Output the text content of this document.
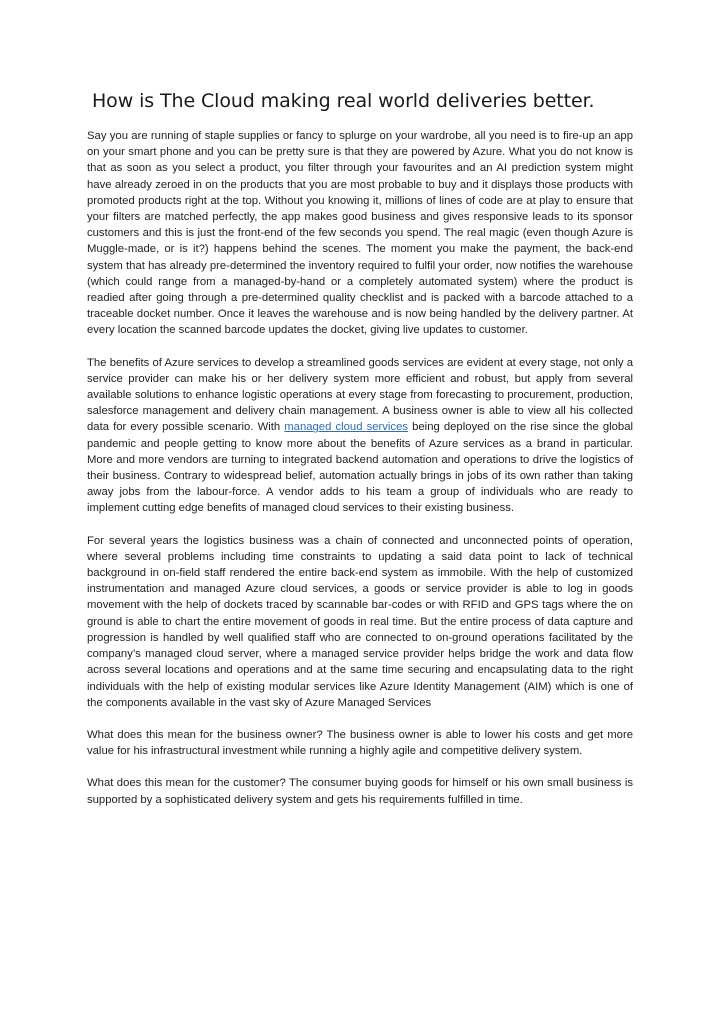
How is The Cloud making real world deliveries better.

Say you are running of staple supplies or fancy to splurge on your wardrobe, all you need is to fire-up an app on your smart phone and you can be pretty sure is that they are powered by Azure. What you do not know is that as soon as you select a product, you filter through your favourites and an AI prediction system might have already zeroed in on the products that you are most probable to buy and it displays those products with promoted products right at the top. Without you knowing it, millions of lines of code are at play to ensure that your filters are matched perfectly, the app makes good business and gives responsive leads to its sponsor customers and this is just the front-end of the few seconds you spend. The real magic (even though Azure is Muggle-made, or is it?) happens behind the scenes. The moment you make the payment, the back-end system that has already pre-determined the inventory required to fulfil your order, now notifies the warehouse (which could range from a managed-by-hand or a completely automated system) where the product is readied after going through a pre-determined quality checklist and is packed with a barcode attached to a traceable docket number. Once it leaves the warehouse and is now being handled by the delivery partner. At every location the scanned barcode updates the docket, giving live updates to customer.

The benefits of Azure services to develop a streamlined goods services are evident at every stage, not only a service provider can make his or her delivery system more efficient and robust, but apply from several available solutions to enhance logistic operations at every stage from forecasting to procurement, production, salesforce management and delivery chain management. A business owner is able to view all his collected data for every possible scenario. With managed cloud services being deployed on the rise since the global pandemic and people getting to know more about the benefits of Azure services as a brand in particular. More and more vendors are turning to integrated backend automation and operations to drive the logistics of their business. Contrary to widespread belief, automation actually brings in jobs of its own rather than taking away jobs from the labour-force. A vendor adds to his team a group of individuals who are ready to implement cutting edge benefits of managed cloud services to their existing business.

For several years the logistics business was a chain of connected and unconnected points of operation, where several problems including time constraints to updating a said data point to lack of technical background in on-field staff rendered the entire back-end system as immobile. With the help of customized instrumentation and managed Azure cloud services, a goods or service provider is able to log in goods movement with the help of dockets traced by scannable bar-codes or with RFID and GPS tags where the on ground is able to chart the entire movement of goods in real time. But the entire process of data capture and progression is handled by well qualified staff who are connected to on-ground operations facilitated by the company’s managed cloud server, where a managed service provider helps bridge the work and data flow across several locations and operations and at the same time securing and encapsulating data to the right individuals with the help of existing modular services like Azure Identity Management (AIM) which is one of the components available in the vast sky of Azure Managed Services

What does this mean for the business owner? The business owner is able to lower his costs and get more value for his infrastructural investment while running a highly agile and competitive delivery system.

What does this mean for the customer? The consumer buying goods for himself or his own small business is supported by a sophisticated delivery system and gets his requirements fulfilled in time.
